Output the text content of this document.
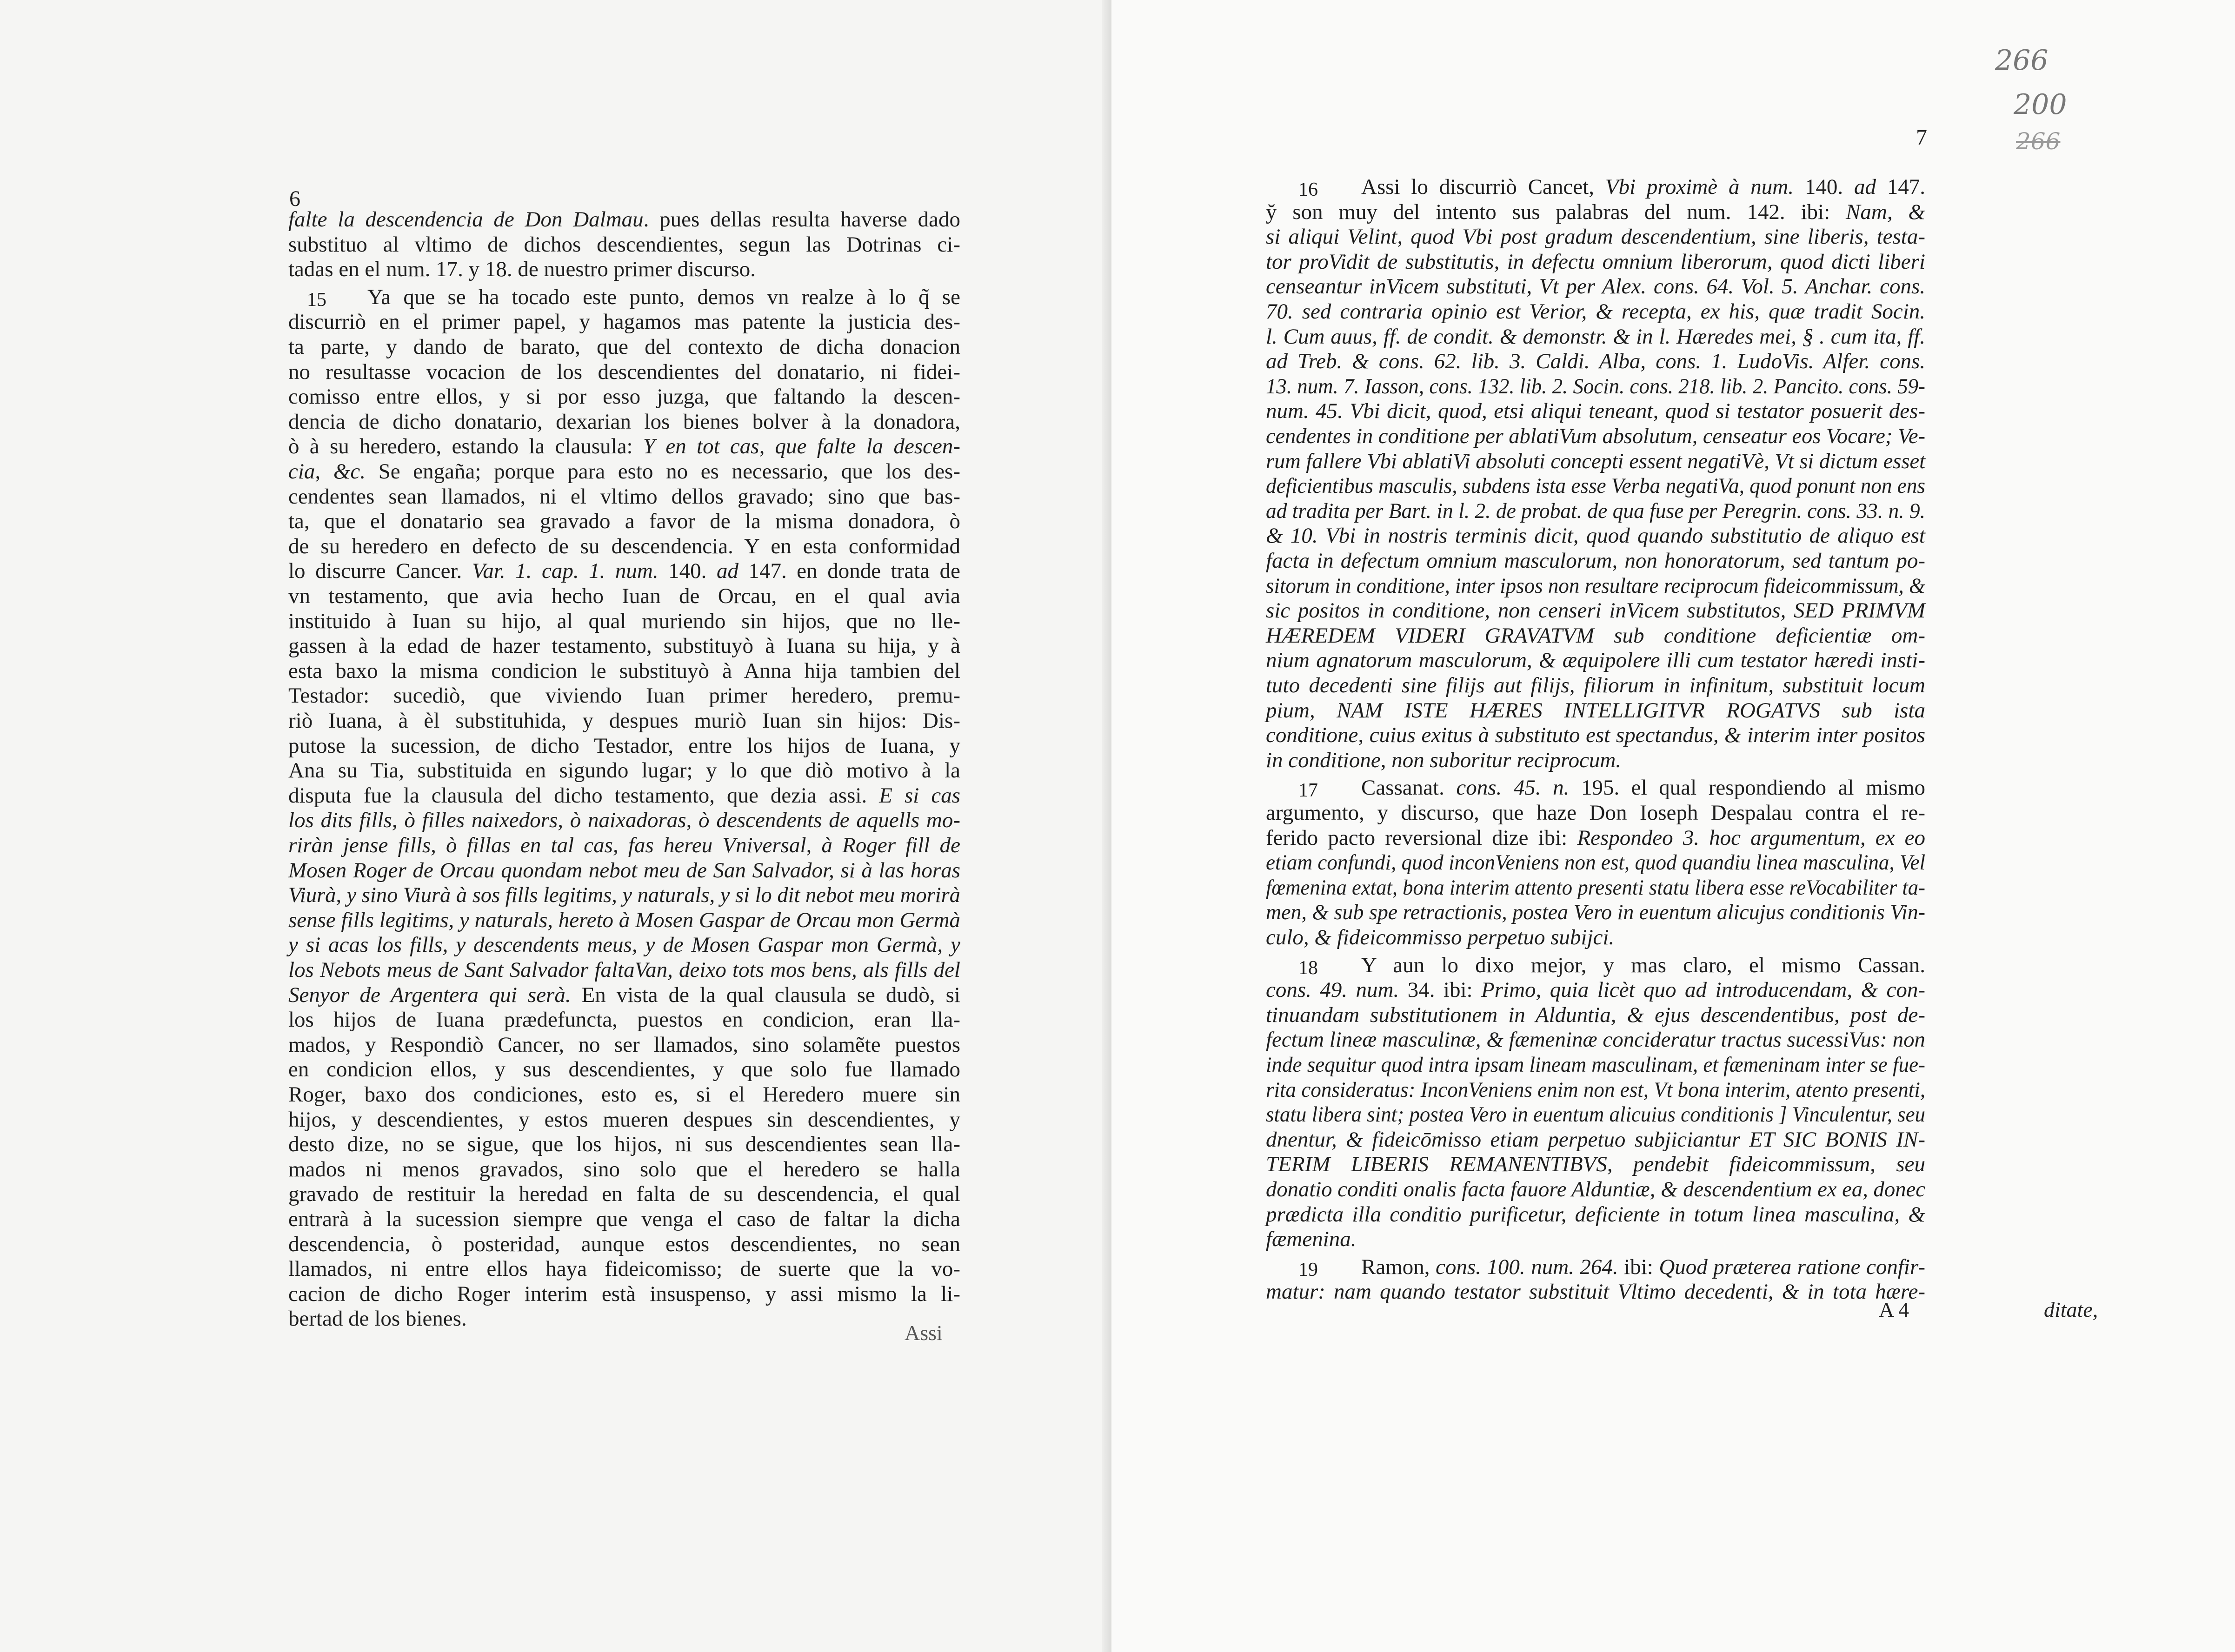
6
falte la descendencia de Don Dalmau. pues dellas resulta haverse dado
substituo al vltimo de dichos descendientes, segun las Dotrinas ci-
tadas en el num. 17. y 18. de nuestro primer discurso.
15 Ya que se ha tocado este punto, demos vn realze à lo q̃ se
discurriò en el primer papel, y hagamos mas patente la justicia des-
ta parte, y dando de barato, que del contexto de dicha donacion
no resultasse vocacion de los descendientes del donatario, ni fidei-
comisso entre ellos, y si por esso juzga, que faltando la descen-
dencia de dicho donatario, dexarian los bienes bolver à la donadora,
ò à su heredero, estando la clausula: Y en tot cas, que falte la descen-
cia, &c. Se engaña; porque para esto no es necessario, que los des-
cendentes sean llamados, ni el vltimo dellos gravado; sino que bas-
ta, que el donatario sea gravado a favor de la misma donadora, ò
de su heredero en defecto de su descendencia. Y en esta conformidad
lo discurre Cancer. Var. 1. cap. 1. num. 140. ad 147. en donde trata de
vn testamento, que avia hecho Iuan de Orcau, en el qual avia
instituido à Iuan su hijo, al qual muriendo sin hijos, que no lle-
gassen à la edad de hazer testamento, substituyò à Iuana su hija, y à
esta baxo la misma condicion le substituyò à Anna hija tambien del
Testador: sucediò, que viviendo Iuan primer heredero, premu-
riò Iuana, à èl substituhida, y despues muriò Iuan sin hijos: Dis-
putose la sucession, de dicho Testador, entre los hijos de Iuana, y
Ana su Tia, substituida en sigundo lugar; y lo que diò motivo à la
disputa fue la clausula del dicho testamento, que dezia assi. E si cas
los dits fills, ò filles naixedors, ò naixadoras, ò descendents de aquells mo-
riràn jense fills, ò fillas en tal cas, fas hereu Vniversal, à Roger fill de
Mosen Roger de Orcau quondam nebot meu de San Salvador, si à las horas
Viurà, y sino Viurà à sos fills legitims, y naturals, y si lo dit nebot meu morirà
sense fills legitims, y naturals, hereto à Mosen Gaspar de Orcau mon Germà
y si acas los fills, y descendents meus, y de Mosen Gaspar mon Germà, y
los Nebots meus de Sant Salvador faltaVan, deixo tots mos bens, als fills del
Senyor de Argentera qui serà. En vista de la qual clausula se dudò, si
los hijos de Iuana prædefuncta, puestos en condicion, eran lla-
mados, y Respondiò Cancer, no ser llamados, sino solamẽte puestos
en condicion ellos, y sus descendientes, y que solo fue llamado
Roger, baxo dos condiciones, esto es, si el Heredero muere sin
hijos, y descendientes, y estos mueren despues sin descendientes, y
desto dize, no se sigue, que los hijos, ni sus descendientes sean lla-
mados ni menos gravados, sino solo que el heredero se halla
gravado de restituir la heredad en falta de su descendencia, el qual
entrarà à la sucession siempre que venga el caso de faltar la dicha
descendencia, ò posteridad, aunque estos descendientes, no sean
llamados, ni entre ellos haya fideicomisso; de suerte que la vo-
cacion de dicho Roger interim està insuspenso, y assi mismo la li-
bertad de los bienes.
Assi
7
266
200
266
16 Assi lo discurriò Cancet, Vbi proximè à num. 140. ad 147.
y̆ son muy del intento sus palabras del num. 142. ibi: Nam, &
si aliqui Velint, quod Vbi post gradum descendentium, sine liberis, testa-
tor proVidit de substitutis, in defectu omnium liberorum, quod dicti liberi
censeantur inVicem substituti, Vt per Alex. cons. 64. Vol. 5. Anchar. cons.
70. sed contraria opinio est Verior, & recepta, ex his, quæ tradit Socin.
l. Cum auus, ff. de condit. & demonstr. & in l. Hæredes mei, § . cum ita, ff.
ad Treb. & cons. 62. lib. 3. Caldi. Alba, cons. 1. LudoVis. Alfer. cons.
13. num. 7. Iasson, cons. 132. lib. 2. Socin. cons. 218. lib. 2. Pancito. cons. 59-
num. 45. Vbi dicit, quod, etsi aliqui teneant, quod si testator posuerit des-
cendentes in conditione per ablatiVum absolutum, censeatur eos Vocare; Ve-
rum fallere Vbi ablatiVi absoluti concepti essent negatiVè, Vt si dictum esset
deficientibus masculis, subdens ista esse Verba negatiVa, quod ponunt non ens
ad tradita per Bart. in l. 2. de probat. de qua fuse per Peregrin. cons. 33. n. 9.
& 10. Vbi in nostris terminis dicit, quod quando substitutio de aliquo est
facta in defectum omnium masculorum, non honoratorum, sed tantum po-
sitorum in conditione, inter ipsos non resultare reciprocum fideicommissum, &
sic positos in conditione, non censeri inVicem substitutos, SED PRIMVM
HÆREDEM VIDERI GRAVATVM sub conditione deficientiæ om-
nium agnatorum masculorum, & æquipolere illi cum testator hæredi insti-
tuto decedenti sine filijs aut filijs, filiorum in infinitum, substituit locum
pium, NAM ISTE HÆRES INTELLIGITVR ROGATVS sub ista
conditione, cuius exitus à substituto est spectandus, & interim inter positos
in conditione, non suboritur reciprocum.
17 Cassanat. cons. 45. n. 195. el qual respondiendo al mismo
argumento, y discurso, que haze Don Ioseph Despalau contra el re-
ferido pacto reversional dize ibi: Respondeo 3. hoc argumentum, ex eo
etiam confundi, quod inconVeniens non est, quod quandiu linea masculina, Vel
fœmenina extat, bona interim attento presenti statu libera esse reVocabiliter ta-
men, & sub spe retractionis, postea Vero in euentum alicujus conditionis Vin-
culo, & fideicommisso perpetuo subijci.
18 Y aun lo dixo mejor, y mas claro, el mismo Cassan.
cons. 49. num. 34. ibi: Primo, quia licèt quo ad introducendam, & con-
tinuandam substitutionem in Alduntia, & ejus descendentibus, post de-
fectum lineæ masculinæ, & fæmeninæ concideratur tractus sucessiVus: non
inde sequitur quod intra ipsam lineam masculinam, et fæmeninam inter se fue-
rita consideratus: InconVeniens enim non est, Vt bona interim, atento presenti,
statu libera sint; postea Vero in euentum alicuius conditionis ] Vinculentur, seu
dnentur, & fideicōmisso etiam perpetuo subjiciantur ET SIC BONIS IN-
TERIM LIBERIS REMANENTIBVS, pendebit fideicommissum, seu
donatio conditi onalis facta fauore Alduntiæ, & descendentium ex ea, donec
prædicta illa conditio purificetur, deficiente in totum linea masculina, &
fæmenina.
19 Ramon, cons. 100. num. 264. ibi: Quod præterea ratione confir-
matur: nam quando testator substituit Vltimo decedenti, & in tota hære-
A 4	ditate,
